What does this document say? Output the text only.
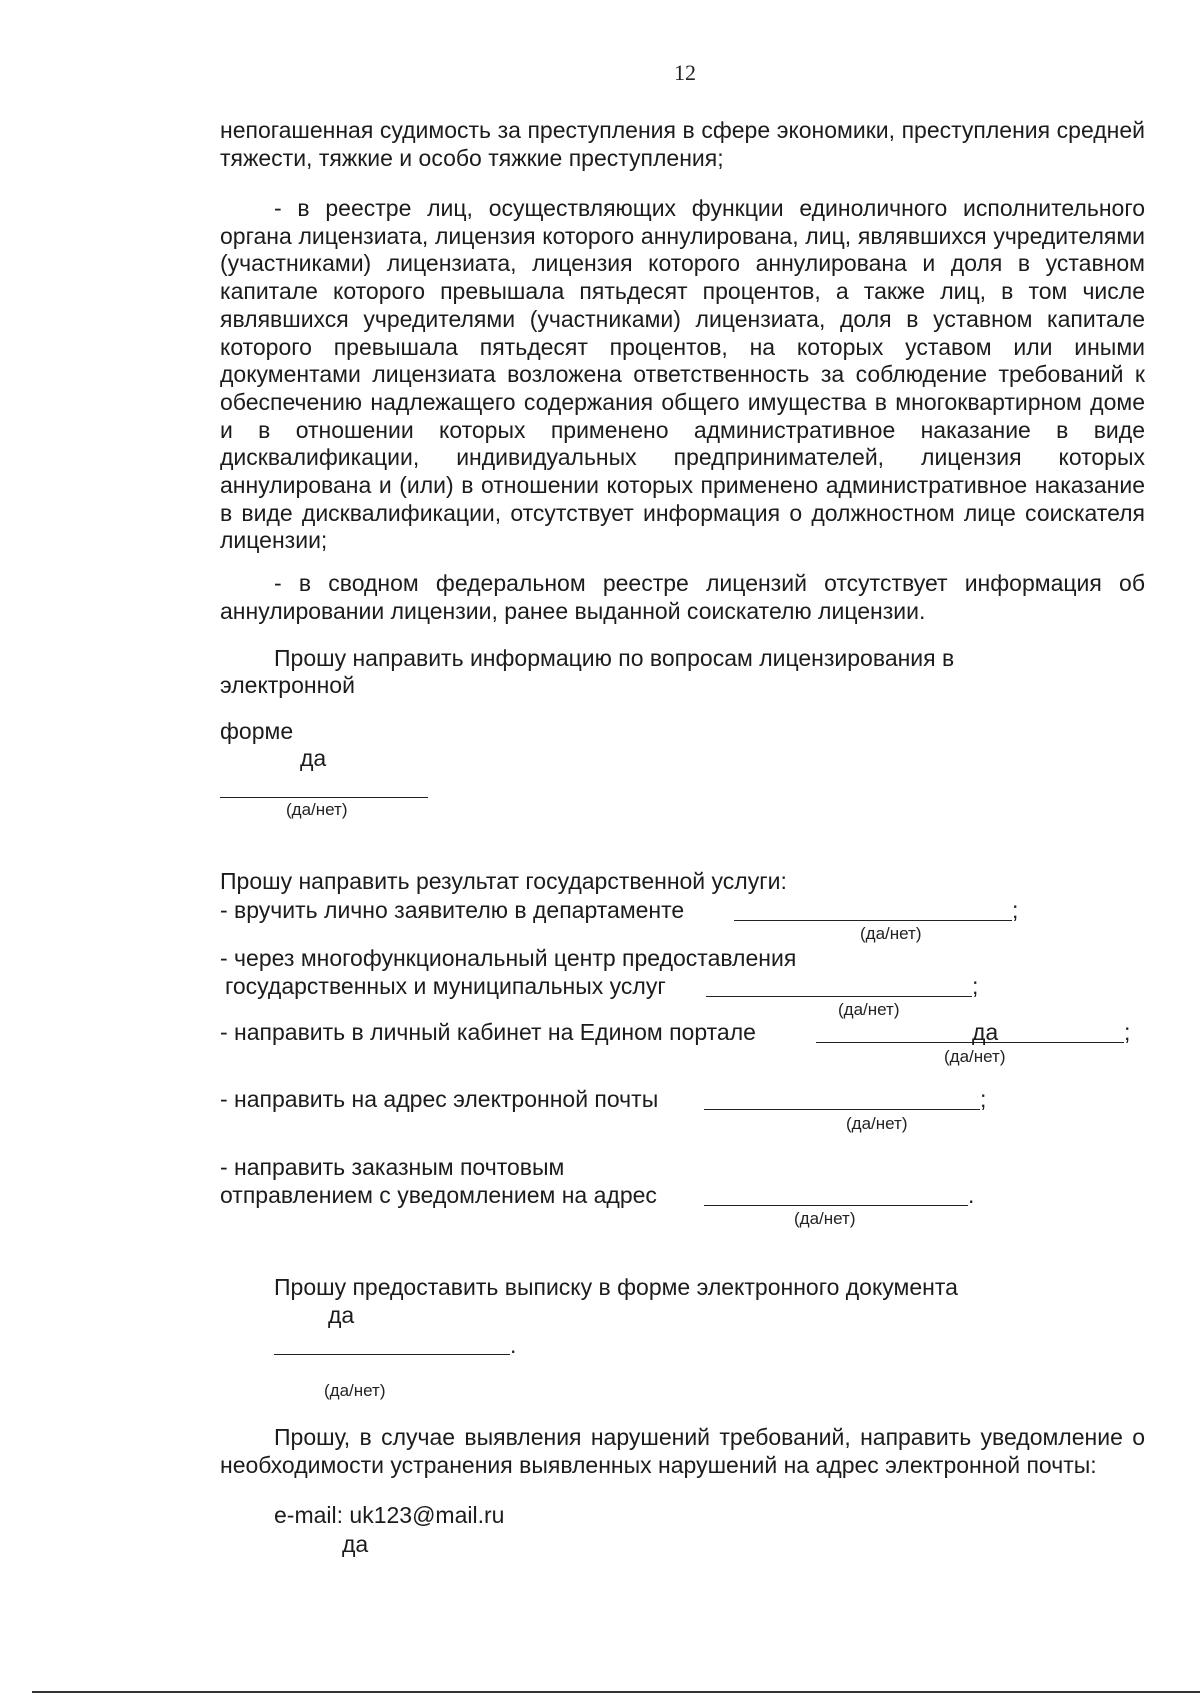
12
непогашенная судимость за преступления в сфере экономики, преступления средней тяжести, тяжкие и особо тяжкие преступления;
- в реестре лиц, осуществляющих функции единоличного исполнительного органа лицензиата, лицензия которого аннулирована, лиц, являвшихся учредителями (участниками) лицензиата, лицензия которого аннулирована и доля в уставном капитале которого превышала пятьдесят процентов, а также лиц, в том числе являвшихся учредителями (участниками) лицензиата, доля в уставном капитале которого превышала пятьдесят процентов, на которых уставом или иными документами лицензиата возложена ответственность за соблюдение требований к обеспечению надлежащего содержания общего имущества в многоквартирном доме и в отношении которых применено административное наказание в виде дисквалификации, индивидуальных предпринимателей, лицензия которых аннулирована и (или) в отношении которых применено административное наказание в виде дисквалификации, отсутствует информация о должностном лице соискателя лицензии;
- в сводном федеральном реестре лицензий отсутствует информация об аннулировании лицензии, ранее выданной соискателю лицензии.
Прошу направить информацию по вопросам лицензирования в
электронной
форме
да
(да/нет)
Прошу направить результат государственной услуги:
- вручить лично заявителю в департаменте	;
(да/нет)
- через многофункциональный центр предоставления
государственных и муниципальных услуг	;
(да/нет)
- направить в личный кабинет на Едином портале	да	;
(да/нет)
- направить на адрес электронной почты	;
(да/нет)
- направить заказным почтовым
отправлением с уведомлением на адрес	.
(да/нет)
Прошу предоставить выписку в форме электронного документа
да
.
(да/нет)
Прошу, в случае выявления нарушений требований, направить уведомление о необходимости устранения выявленных нарушений на адрес электронной почты:
e-mail: uk123@mail.ru
да
